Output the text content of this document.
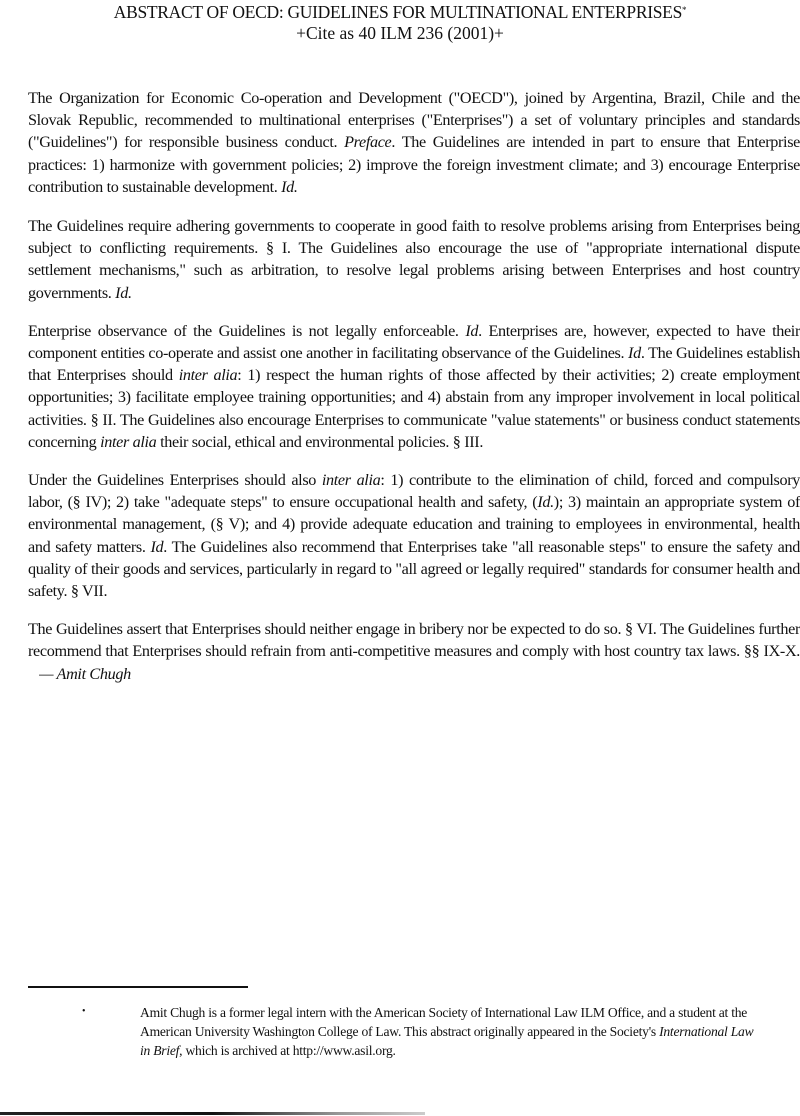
ABSTRACT OF OECD: GUIDELINES FOR MULTINATIONAL ENTERPRISES*
+Cite as 40 ILM 236 (2001)+

The Organization for Economic Co-operation and Development ("OECD"), joined by Argentina, Brazil, Chile and the Slovak Republic, recommended to multinational enterprises ("Enterprises") a set of voluntary principles and standards ("Guidelines") for responsible business conduct. Preface. The Guidelines are intended in part to ensure that Enterprise practices: 1) harmonize with government policies; 2) improve the foreign investment climate; and 3) encourage Enterprise contribution to sustainable development. Id.

The Guidelines require adhering governments to cooperate in good faith to resolve problems arising from Enterprises being subject to conflicting requirements. § I. The Guidelines also encourage the use of "appropriate international dispute settlement mechanisms," such as arbitration, to resolve legal problems arising between Enterprises and host country governments. Id.

Enterprise observance of the Guidelines is not legally enforceable. Id. Enterprises are, however, expected to have their component entities co-operate and assist one another in facilitating observance of the Guidelines. Id. The Guidelines establish that Enterprises should inter alia: 1) respect the human rights of those affected by their activities; 2) create employment opportunities; 3) facilitate employee training opportunities; and 4) abstain from any improper involvement in local political activities. § II. The Guidelines also encourage Enterprises to communicate "value statements" or business conduct statements concerning inter alia their social, ethical and environmental policies. § III.

Under the Guidelines Enterprises should also inter alia: 1) contribute to the elimination of child, forced and compulsory labor, (§ IV); 2) take "adequate steps" to ensure occupational health and safety, (Id.); 3) maintain an appropriate system of environmental management, (§ V); and 4) provide adequate education and training to employees in environmental, health and safety matters. Id. The Guidelines also recommend that Enterprises take "all reasonable steps" to ensure the safety and quality of their goods and services, particularly in regard to "all agreed or legally required" standards for consumer health and safety. § VII.

The Guidelines assert that Enterprises should neither engage in bribery nor be expected to do so. § VI. The Guidelines further recommend that Enterprises should refrain from anti-competitive measures and comply with host country tax laws. §§ IX-X.    — Amit Chugh

•	Amit Chugh is a former legal intern with the American Society of International Law ILM Office, and a student at the
American University Washington College of Law. This abstract originally appeared in the Society's International Law
in Brief, which is archived at http://www.asil.org.
